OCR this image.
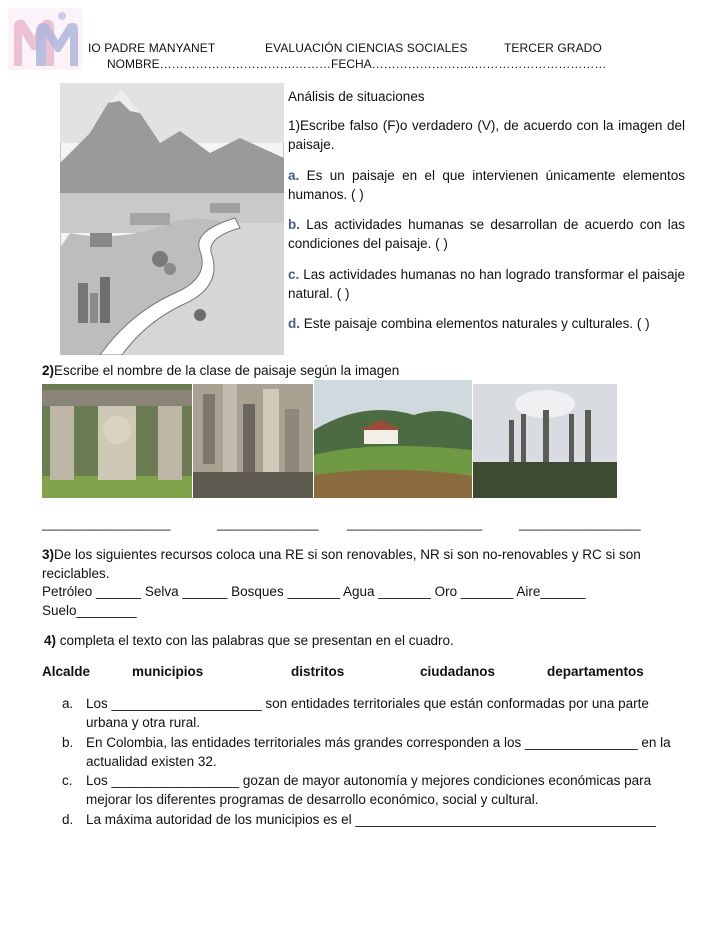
IO PADRE MANYANET	EVALUACIÓN CIENCIAS SOCIALES	TERCER GRADO
NOMBRE…………………………….………FECHA……………………..……………………………
Análisis de situaciones

1)Escribe falso (F)o verdadero (V), de acuerdo con la imagen del paisaje.

a. Es un paisaje en el que intervienen únicamente elementos humanos. ( )

b. Las actividades humanas se desarrollan de acuerdo con las condiciones del paisaje. ( )

c. Las actividades humanas no han logrado transformar el paisaje natural. ( )

d. Este paisaje combina elementos naturales y culturales. ( )

2)Escribe el nombre de la clase de paisaje según la imagen
___________________	_______________ ____________________	__________________
3)De los siguientes recursos coloca una RE si son renovables, NR si son no-renovables y RC si son reciclables.
Petróleo ______ Selva ______ Bosques _______ Agua _______ Oro _______ Aire______
Suelo________
4) completa el texto con las palabras que se presentan en el cuadro.
Alcalde	municipios	distritos	ciudadanos	departamentos
a. Los ____________________ son entidades territoriales que están conformadas por una parte urbana y otra rural.
b. En Colombia, las entidades territoriales más grandes corresponden a los _______________ en la actualidad existen 32.
c. Los _________________ gozan de mayor autonomía y mejores condiciones económicas para mejorar los diferentes programas de desarrollo económico, social y cultural.
d. La máxima autoridad de los municipios es el ________________________________________
